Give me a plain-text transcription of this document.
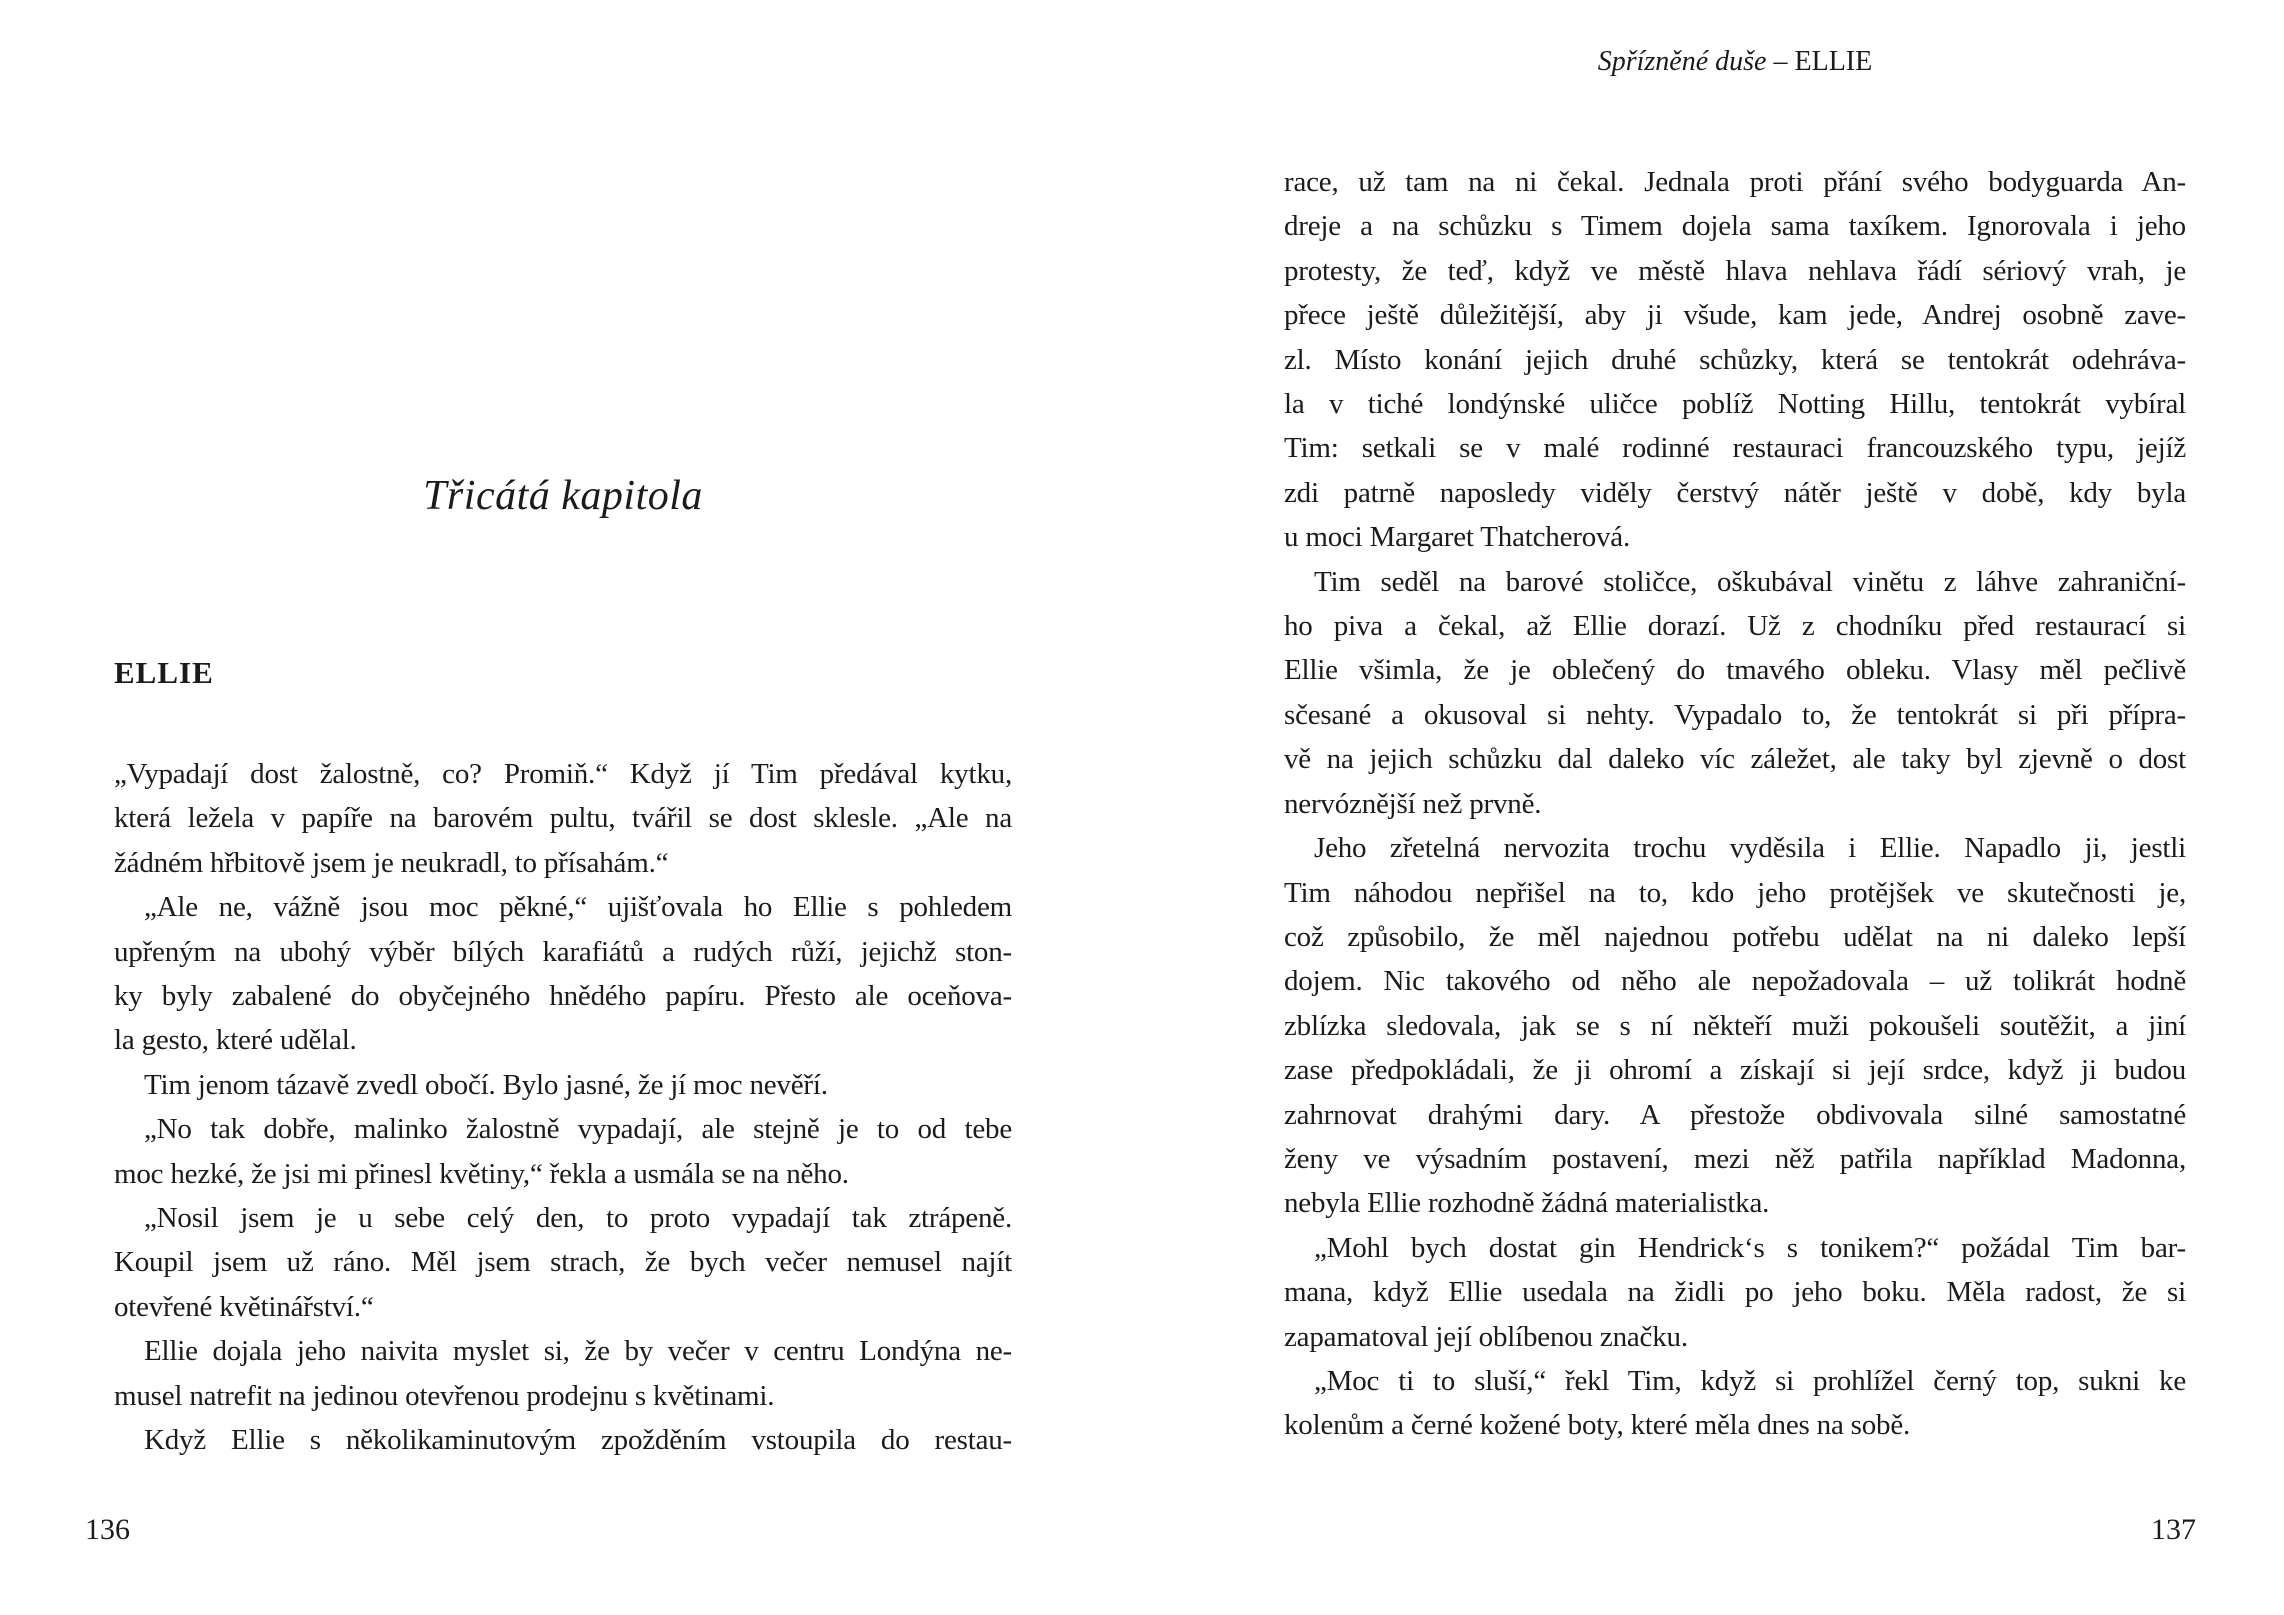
Třicátá kapitola
ELLIE
„Vypadají dost žalostně, co? Promiň.“ Když jí Tim předával kytku,
která ležela v papíře na barovém pultu, tvářil se dost sklesle. „Ale na
žádném hřbitově jsem je neukradl, to přísahám.“
„Ale ne, vážně jsou moc pěkné,“ ujišťovala ho Ellie s pohledem
upřeným na ubohý výběr bílých karafiátů a rudých růží, jejichž ston-
ky byly zabalené do obyčejného hnědého papíru. Přesto ale oceňova-
la gesto, které udělal.
Tim jenom tázavě zvedl obočí. Bylo jasné, že jí moc nevěří.
„No tak dobře, malinko žalostně vypadají, ale stejně je to od tebe
moc hezké, že jsi mi přinesl květiny,“ řekla a usmála se na něho.
„Nosil jsem je u sebe celý den, to proto vypadají tak ztrápeně.
Koupil jsem už ráno. Měl jsem strach, že bych večer nemusel najít
otevřené květinářství.“
Ellie dojala jeho naivita myslet si, že by večer v centru Londýna ne-
musel natrefit na jedinou otevřenou prodejnu s květinami.
Když Ellie s několikaminutovým zpožděním vstoupila do restau-
Spřízněné duše – ELLIE
race, už tam na ni čekal. Jednala proti přání svého bodyguarda An-
dreje a na schůzku s Timem dojela sama taxíkem. Ignorovala i jeho
protesty, že teď, když ve městě hlava nehlava řádí sériový vrah, je
přece ještě důležitější, aby ji všude, kam jede, Andrej osobně zave-
zl. Místo konání jejich druhé schůzky, která se tentokrát odehráva-
la v tiché londýnské uličce poblíž Notting Hillu, tentokrát vybíral
Tim: setkali se v malé rodinné restauraci francouzského typu, jejíž
zdi patrně naposledy viděly čerstvý nátěr ještě v době, kdy byla
u moci Margaret Thatcherová.
Tim seděl na barové stoličce, oškubával vinětu z láhve zahraniční-
ho piva a čekal, až Ellie dorazí. Už z chodníku před restaurací si
Ellie všimla, že je oblečený do tmavého obleku. Vlasy měl pečlivě
sčesané a okusoval si nehty. Vypadalo to, že tentokrát si při přípra-
vě na jejich schůzku dal daleko víc záležet, ale taky byl zjevně o dost
nervóznější než prvně.
Jeho zřetelná nervozita trochu vyděsila i Ellie. Napadlo ji, jestli
Tim náhodou nepřišel na to, kdo jeho protějšek ve skutečnosti je,
což způsobilo, že měl najednou potřebu udělat na ni daleko lepší
dojem. Nic takového od něho ale nepožadovala – už tolikrát hodně
zblízka sledovala, jak se s ní někteří muži pokoušeli soutěžit, a jiní
zase předpokládali, že ji ohromí a získají si její srdce, když ji budou
zahrnovat drahými dary. A přestože obdivovala silné samostatné
ženy ve výsadním postavení, mezi něž patřila například Madonna,
nebyla Ellie rozhodně žádná materialistka.
„Mohl bych dostat gin Hendrick‘s s tonikem?“ požádal Tim bar-
mana, když Ellie usedala na židli po jeho boku. Měla radost, že si
zapamatoval její oblíbenou značku.
„Moc ti to sluší,“ řekl Tim, když si prohlížel černý top, sukni ke
kolenům a černé kožené boty, které měla dnes na sobě.
136	137
